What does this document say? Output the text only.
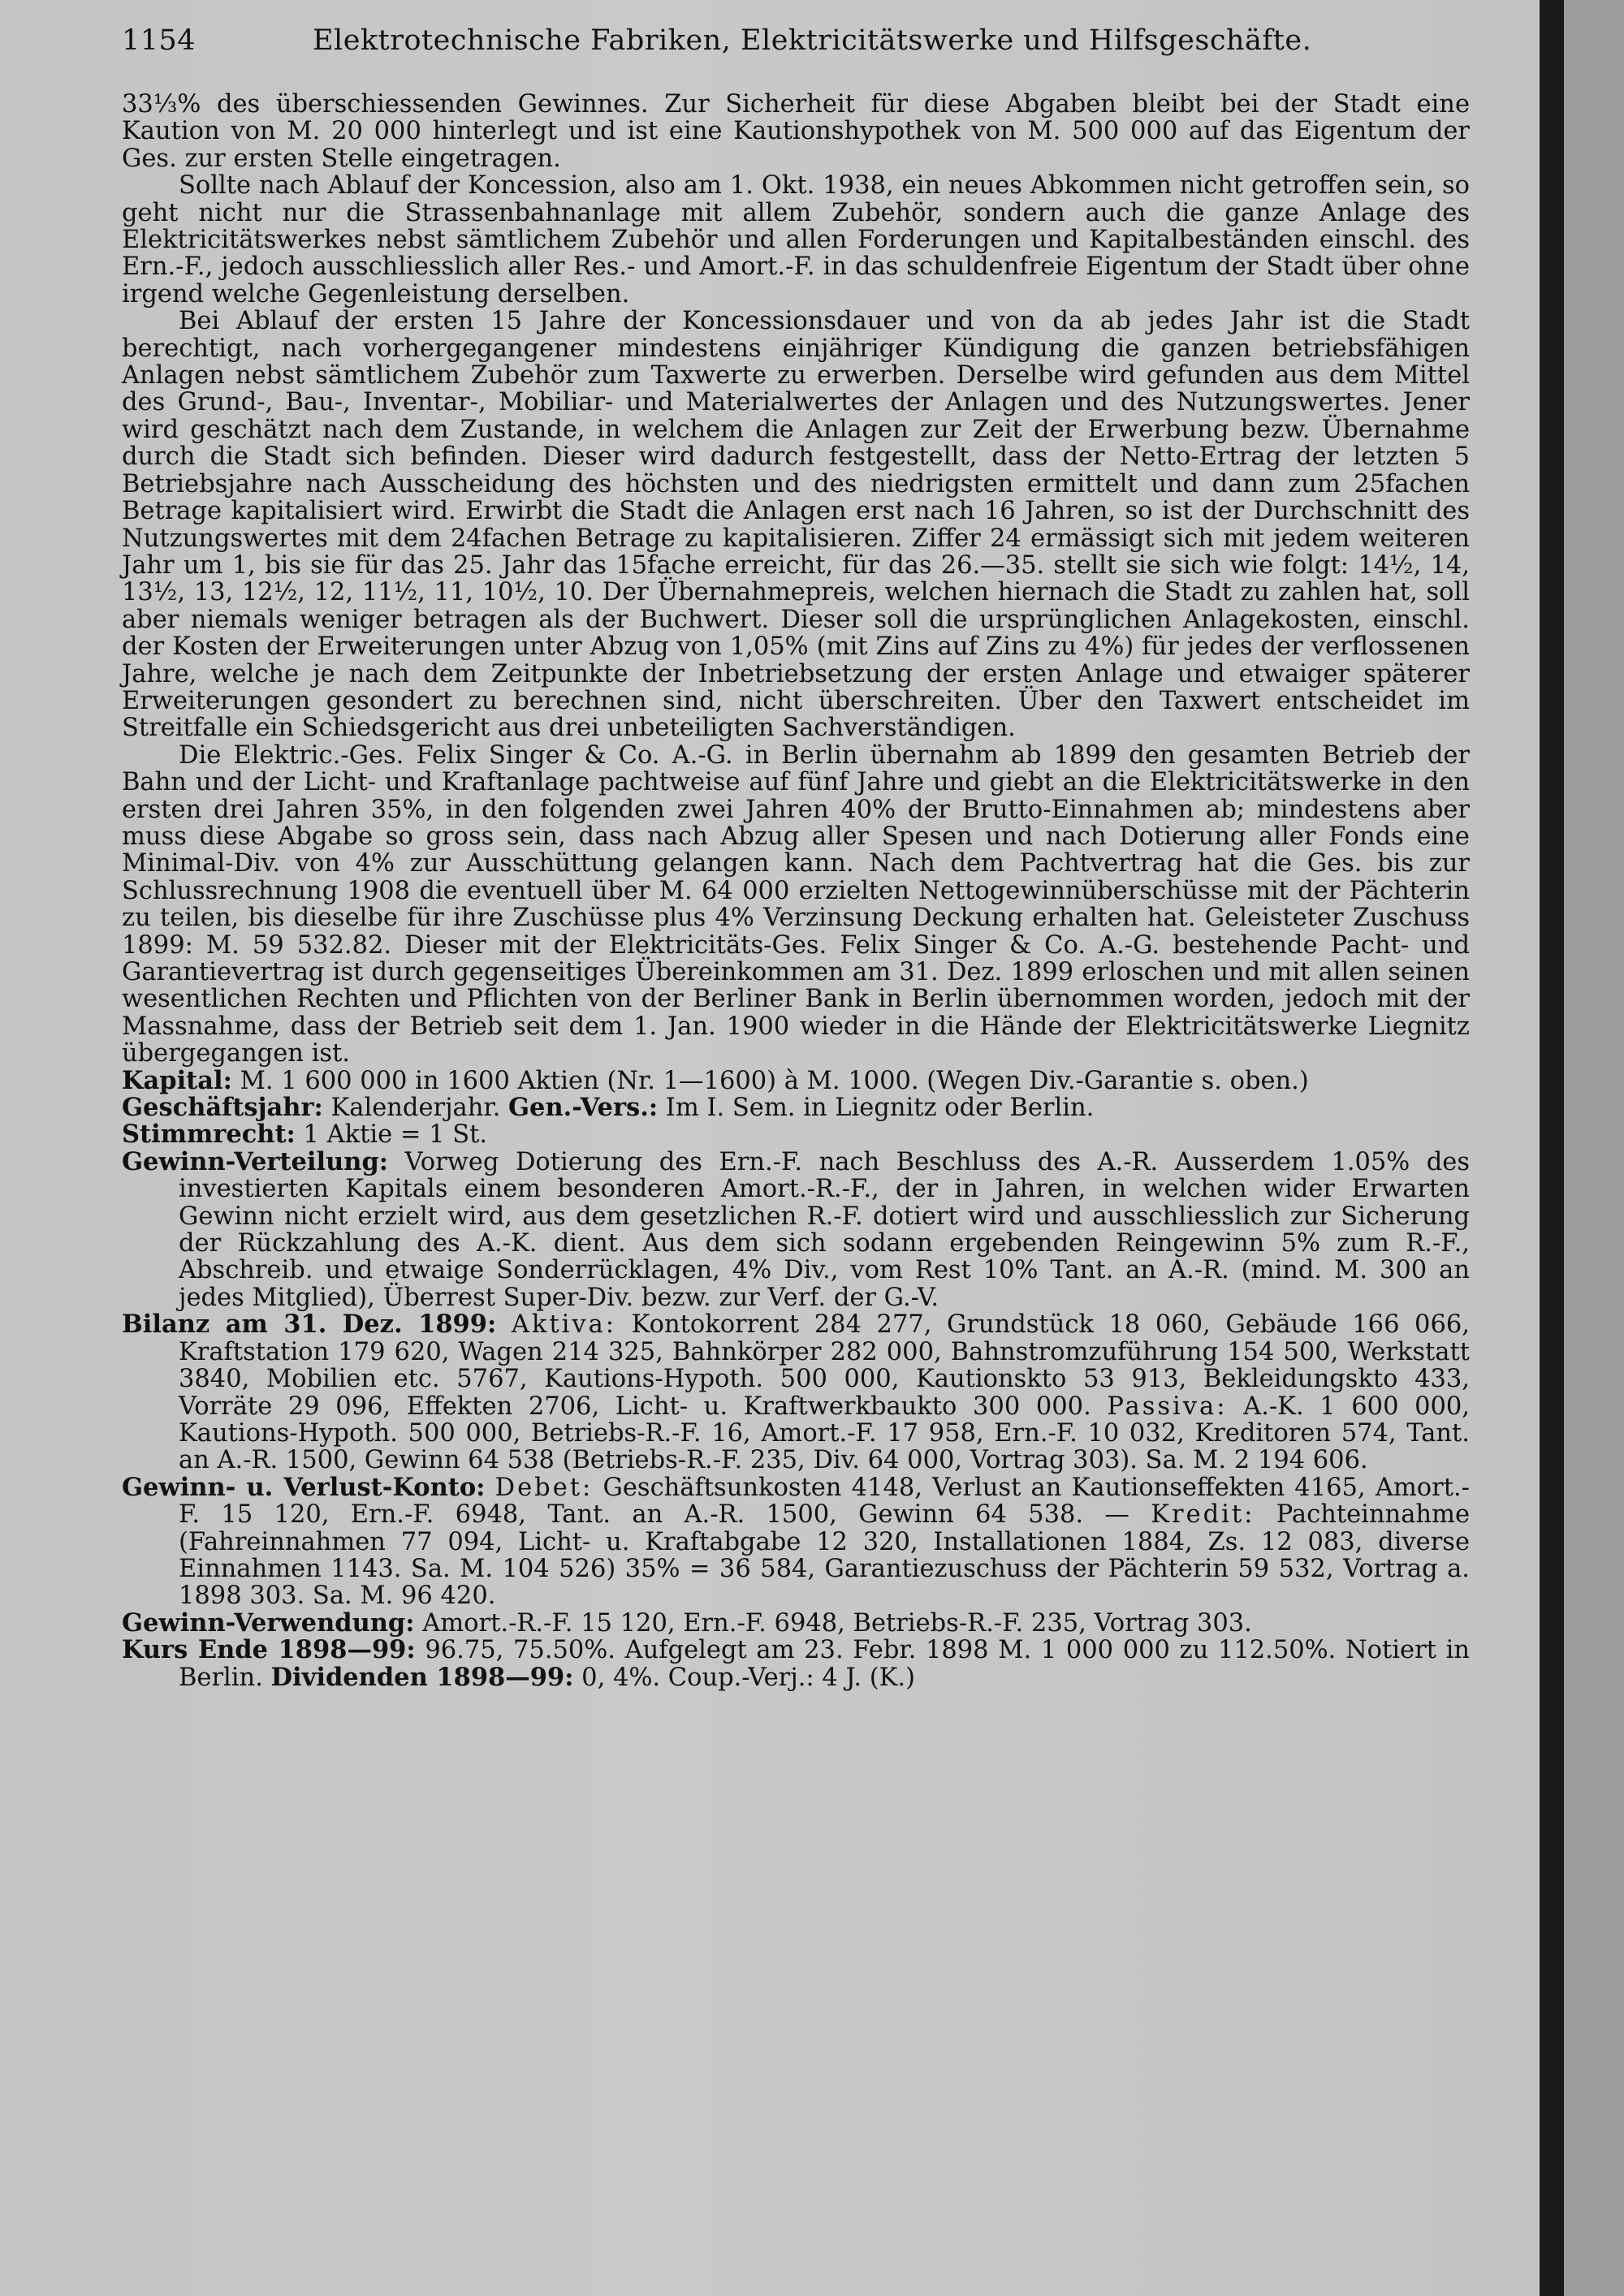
1154	Elektrotechnische Fabriken, Elektricitätswerke und Hilfsgeschäfte.

33⅓% des überschiessenden Gewinnes. Zur Sicherheit für diese Abgaben bleibt bei der Stadt eine Kaution von M. 20 000 hinterlegt und ist eine Kautionshypothek von M. 500 000 auf das Eigentum der Ges. zur ersten Stelle eingetragen.

Sollte nach Ablauf der Koncession, also am 1. Okt. 1938, ein neues Abkommen nicht getroffen sein, so geht nicht nur die Strassenbahnanlage mit allem Zubehör, sondern auch die ganze Anlage des Elektricitätswerkes nebst sämtlichem Zubehör und allen Forderungen und Kapitalbeständen einschl. des Ern.-F., jedoch ausschliesslich aller Res.- und Amort.-F. in das schuldenfreie Eigentum der Stadt über ohne irgend welche Gegenleistung derselben.

Bei Ablauf der ersten 15 Jahre der Koncessionsdauer und von da ab jedes Jahr ist die Stadt berechtigt, nach vorhergegangener mindestens einjähriger Kündigung die ganzen betriebsfähigen Anlagen nebst sämtlichem Zubehör zum Taxwerte zu erwerben. Derselbe wird gefunden aus dem Mittel des Grund-, Bau-, Inventar-, Mobiliar- und Materialwertes der Anlagen und des Nutzungswertes. Jener wird geschätzt nach dem Zustande, in welchem die Anlagen zur Zeit der Erwerbung bezw. Übernahme durch die Stadt sich befinden. Dieser wird dadurch festgestellt, dass der Netto-Ertrag der letzten 5 Betriebsjahre nach Ausscheidung des höchsten und des niedrigsten ermittelt und dann zum 25fachen Betrage kapitalisiert wird. Erwirbt die Stadt die Anlagen erst nach 16 Jahren, so ist der Durchschnitt des Nutzungswertes mit dem 24fachen Betrage zu kapitalisieren. Ziffer 24 ermässigt sich mit jedem weiteren Jahr um 1, bis sie für das 25. Jahr das 15fache erreicht, für das 26.—35. stellt sie sich wie folgt: 14½, 14, 13½, 13, 12½, 12, 11½, 11, 10½, 10. Der Übernahmepreis, welchen hiernach die Stadt zu zahlen hat, soll aber niemals weniger betragen als der Buchwert. Dieser soll die ursprünglichen Anlagekosten, einschl. der Kosten der Erweiterungen unter Abzug von 1,05% (mit Zins auf Zins zu 4%) für jedes der verflossenen Jahre, welche je nach dem Zeitpunkte der Inbetriebsetzung der ersten Anlage und etwaiger späterer Erweiterungen gesondert zu berechnen sind, nicht überschreiten. Über den Taxwert entscheidet im Streitfalle ein Schiedsgericht aus drei unbeteiligten Sachverständigen.

Die Elektric.-Ges. Felix Singer & Co. A.-G. in Berlin übernahm ab 1899 den gesamten Betrieb der Bahn und der Licht- und Kraftanlage pachtweise auf fünf Jahre und giebt an die Elektricitätswerke in den ersten drei Jahren 35%, in den folgenden zwei Jahren 40% der Brutto-Einnahmen ab; mindestens aber muss diese Abgabe so gross sein, dass nach Abzug aller Spesen und nach Dotierung aller Fonds eine Minimal-Div. von 4% zur Ausschüttung gelangen kann. Nach dem Pachtvertrag hat die Ges. bis zur Schlussrechnung 1908 die eventuell über M. 64 000 erzielten Nettogewinnüberschüsse mit der Pächterin zu teilen, bis dieselbe für ihre Zuschüsse plus 4% Verzinsung Deckung erhalten hat. Geleisteter Zuschuss 1899: M. 59 532.82. Dieser mit der Elektricitäts-Ges. Felix Singer & Co. A.-G. bestehende Pacht- und Garantievertrag ist durch gegenseitiges Übereinkommen am 31. Dez. 1899 erloschen und mit allen seinen wesentlichen Rechten und Pflichten von der Berliner Bank in Berlin übernommen worden, jedoch mit der Massnahme, dass der Betrieb seit dem 1. Jan. 1900 wieder in die Hände der Elektricitätswerke Liegnitz übergegangen ist.

Kapital: M. 1 600 000 in 1600 Aktien (Nr. 1—1600) à M. 1000. (Wegen Div.-Garantie s. oben.)

Geschäftsjahr: Kalenderjahr. Gen.-Vers.: Im I. Sem. in Liegnitz oder Berlin.

Stimmrecht: 1 Aktie = 1 St.

Gewinn-Verteilung: Vorweg Dotierung des Ern.-F. nach Beschluss des A.-R. Ausserdem 1.05% des investierten Kapitals einem besonderen Amort.-R.-F., der in Jahren, in welchen wider Erwarten Gewinn nicht erzielt wird, aus dem gesetzlichen R.-F. dotiert wird und ausschliesslich zur Sicherung der Rückzahlung des A.-K. dient. Aus dem sich sodann ergebenden Reingewinn 5% zum R.-F., Abschreib. und etwaige Sonderrücklagen, 4% Div., vom Rest 10% Tant. an A.-R. (mind. M. 300 an jedes Mitglied), Überrest Super-Div. bezw. zur Verf. der G.-V.

Bilanz am 31. Dez. 1899: Aktiva: Kontokorrent 284 277, Grundstück 18 060, Gebäude 166 066, Kraftstation 179 620, Wagen 214 325, Bahnkörper 282 000, Bahnstromzuführung 154 500, Werkstatt 3840, Mobilien etc. 5767, Kautions-Hypoth. 500 000, Kautionskto 53 913, Bekleidungskto 433, Vorräte 29 096, Effekten 2706, Licht- u. Kraftwerkbaukto 300 000. Passiva: A.-K. 1 600 000, Kautions-Hypoth. 500 000, Betriebs-R.-F. 16, Amort.-F. 17 958, Ern.-F. 10 032, Kreditoren 574, Tant. an A.-R. 1500, Gewinn 64 538 (Betriebs-R.-F. 235, Div. 64 000, Vortrag 303). Sa. M. 2 194 606.

Gewinn- u. Verlust-Konto: Debet: Geschäftsunkosten 4148, Verlust an Kautionseffekten 4165, Amort.-F. 15 120, Ern.-F. 6948, Tant. an A.-R. 1500, Gewinn 64 538. — Kredit: Pachteinnahme (Fahreinnahmen 77 094, Licht- u. Kraftabgabe 12 320, Installationen 1884, Zs. 12 083, diverse Einnahmen 1143. Sa. M. 104 526) 35% = 36 584, Garantiezuschuss der Pächterin 59 532, Vortrag a. 1898 303. Sa. M. 96 420.

Gewinn-Verwendung: Amort.-R.-F. 15 120, Ern.-F. 6948, Betriebs-R.-F. 235, Vortrag 303.

Kurs Ende 1898—99: 96.75, 75.50%. Aufgelegt am 23. Febr. 1898 M. 1 000 000 zu 112.50%. Notiert in Berlin. Dividenden 1898—99: 0, 4%. Coup.-Verj.: 4 J. (K.)
